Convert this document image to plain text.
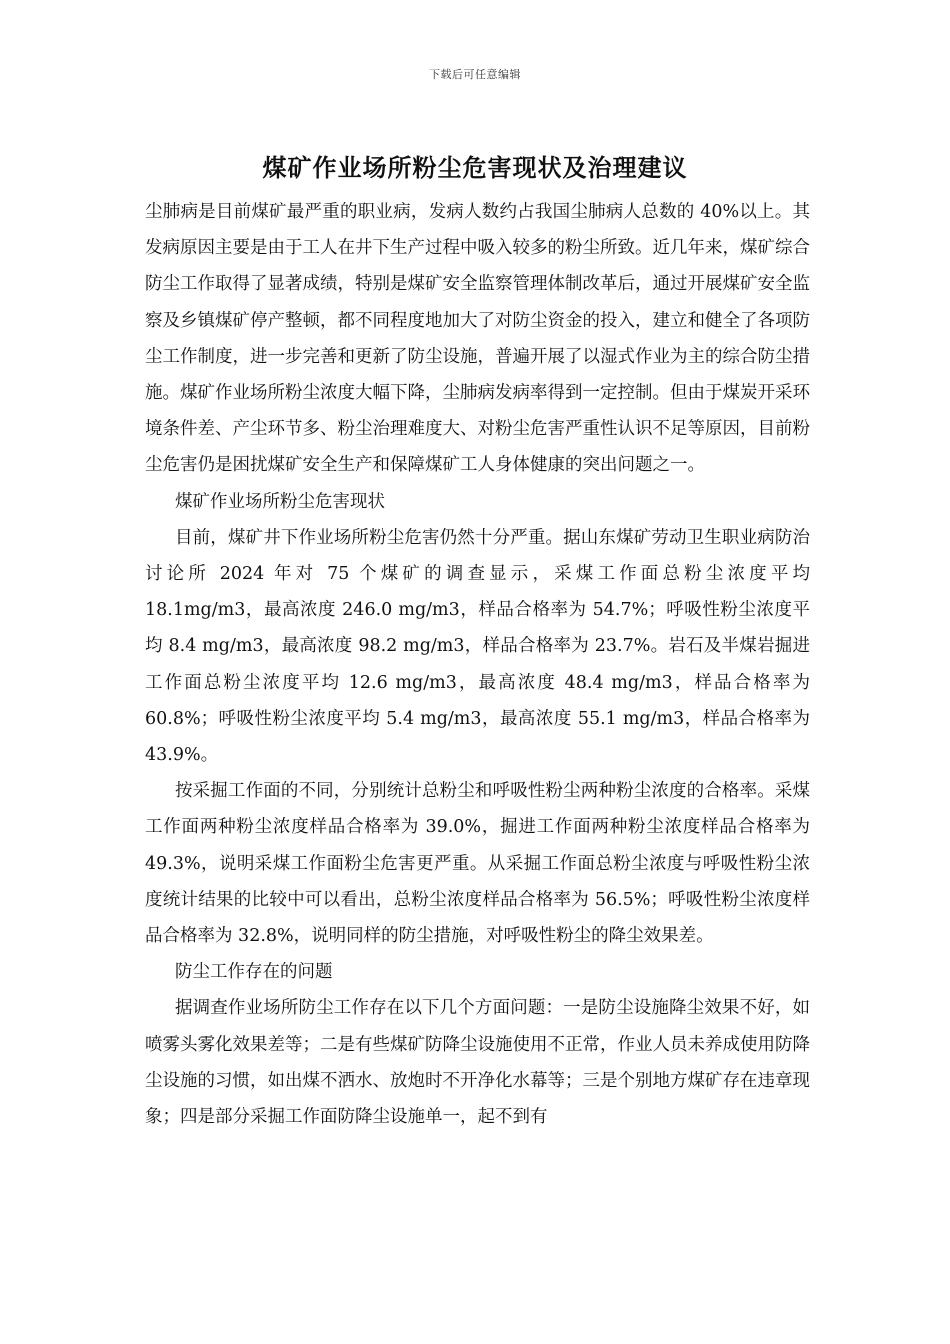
下载后可任意编辑
煤矿作业场所粉尘危害现状及治理建议

尘肺病是目前煤矿最严重的职业病，发病人数约占我国尘肺病人总数的 40%以上。其发病原因主要是由于工人在井下生产过程中吸入较多的粉尘所致。近几年来，煤矿综合防尘工作取得了显著成绩，特别是煤矿安全监察管理体制改革后，通过开展煤矿安全监察及乡镇煤矿停产整顿，都不同程度地加大了对防尘资金的投入，建立和健全了各项防尘工作制度，进一步完善和更新了防尘设施，普遍开展了以湿式作业为主的综合防尘措施。煤矿作业场所粉尘浓度大幅下降，尘肺病发病率得到一定控制。但由于煤炭开采环境条件差、产尘环节多、粉尘治理难度大、对粉尘危害严重性认识不足等原因，目前粉尘危害仍是困扰煤矿安全生产和保障煤矿工人身体健康的突出问题之一。

煤矿作业场所粉尘危害现状

目前，煤矿井下作业场所粉尘危害仍然十分严重。据山东煤矿劳动卫生职业病防治讨论所 2024 年对 75 个煤矿的调查显示，采煤工作面总粉尘浓度平均 18.1mg/m3，最高浓度 246.0 mg/m3，样品合格率为 54.7%；呼吸性粉尘浓度平均 8.4 mg/m3，最高浓度 98.2 mg/m3，样品合格率为 23.7%。岩石及半煤岩掘进工作面总粉尘浓度平均 12.6 mg/m3，最高浓度 48.4 mg/m3，样品合格率为 60.8%；呼吸性粉尘浓度平均 5.4 mg/m3，最高浓度 55.1 mg/m3，样品合格率为 43.9%。

按采掘工作面的不同，分别统计总粉尘和呼吸性粉尘两种粉尘浓度的合格率。采煤工作面两种粉尘浓度样品合格率为 39.0%，掘进工作面两种粉尘浓度样品合格率为 49.3%，说明采煤工作面粉尘危害更严重。从采掘工作面总粉尘浓度与呼吸性粉尘浓度统计结果的比较中可以看出，总粉尘浓度样品合格率为 56.5%；呼吸性粉尘浓度样品合格率为 32.8%，说明同样的防尘措施，对呼吸性粉尘的降尘效果差。

防尘工作存在的问题

据调查作业场所防尘工作存在以下几个方面问题：一是防尘设施降尘效果不好，如喷雾头雾化效果差等；二是有些煤矿防降尘设施使用不正常，作业人员未养成使用防降尘设施的习惯，如出煤不洒水、放炮时不开净化水幕等；三是个别地方煤矿存在违章现象；四是部分采掘工作面防降尘设施单一，起不到有
